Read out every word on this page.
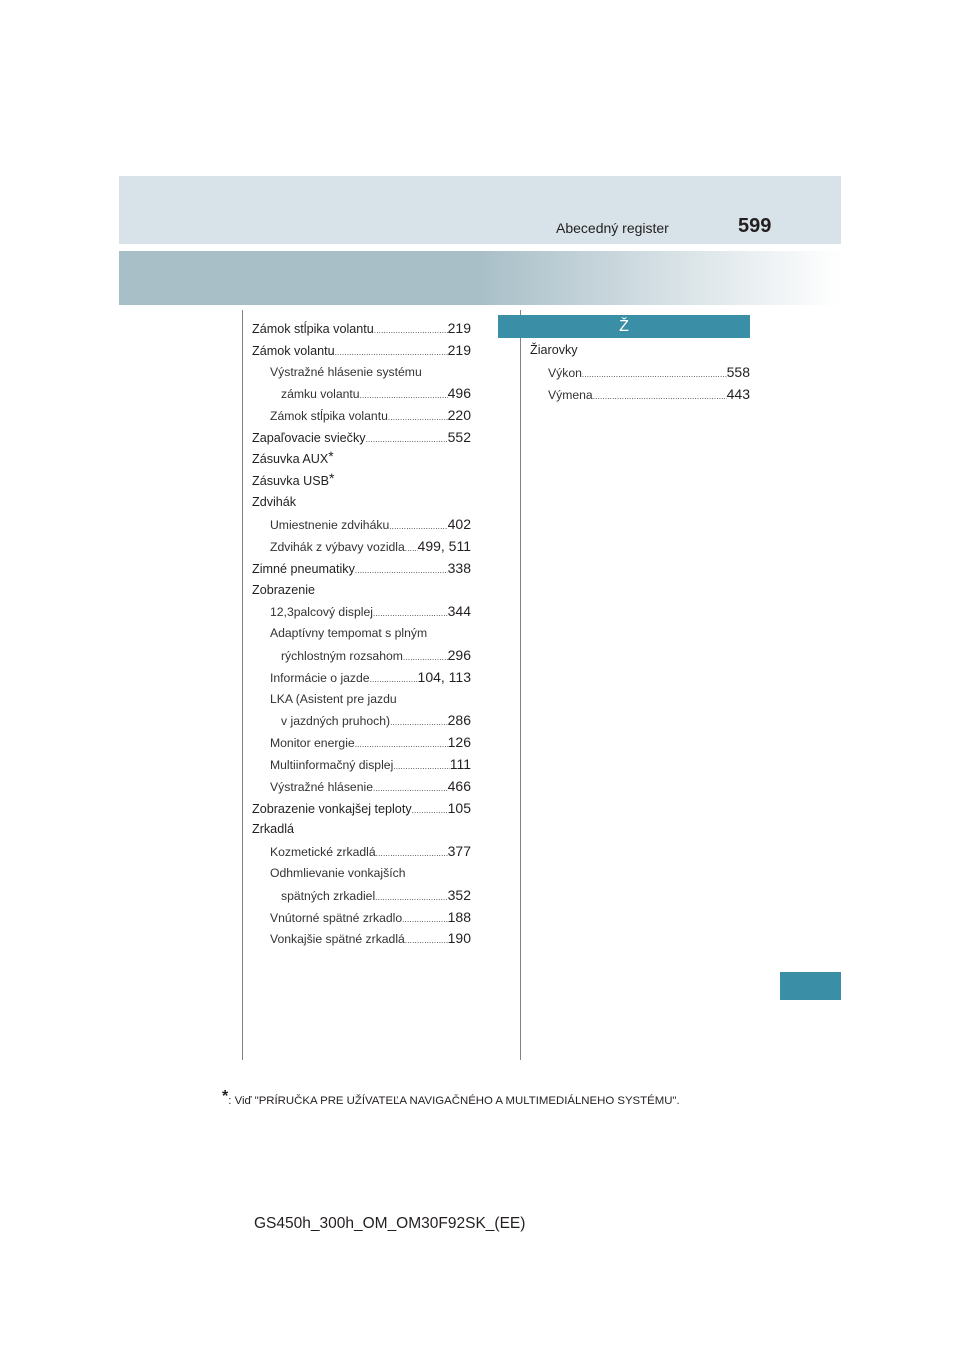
Abecedný register	599
Zámok stĺpika volantu .....	219
Zámok volantu .....	219
Výstražné hlásenie systému
zámku volantu .....	496
Zámok stĺpika volantu .....	220
Zapaľovacie sviečky .....	552
Zásuvka AUX*
Zásuvka USB*
Zdvihák
Umiestnenie zdviháku .....	402
Zdvihák z výbavy vozidla ..... 499, 511
Zimné pneumatiky .....	338
Zobrazenie
12,3palcový displej .....	344
Adaptívny tempomat s plným
rýchlostným rozsahom .....	296
Informácie o jazde .....	104, 113
LKA (Asistent pre jazdu
v jazdných pruhoch) .....	286
Monitor energie .....	126
Multiinformačný displej .....	111
Výstražné hlásenie .....	466
Zobrazenie vonkajšej teploty .....	105
Zrkadlá
Kozmetické zrkadlá .....	377
Odhmlievanie vonkajších
spätných zrkadiel .....	352
Vnútorné spätné zrkadlo .....	188
Vonkajšie spätné zrkadlá .....	190
Ž
Žiarovky
Výkon .....	558
Výmena .....	443
*: Viď "PRÍRUČKA PRE UŽÍVATEĽA NAVIGAČNÉHO A MULTIMEDIÁLNEHO SYSTÉMU".
GS450h_300h_OM_OM30F92SK_(EE)
